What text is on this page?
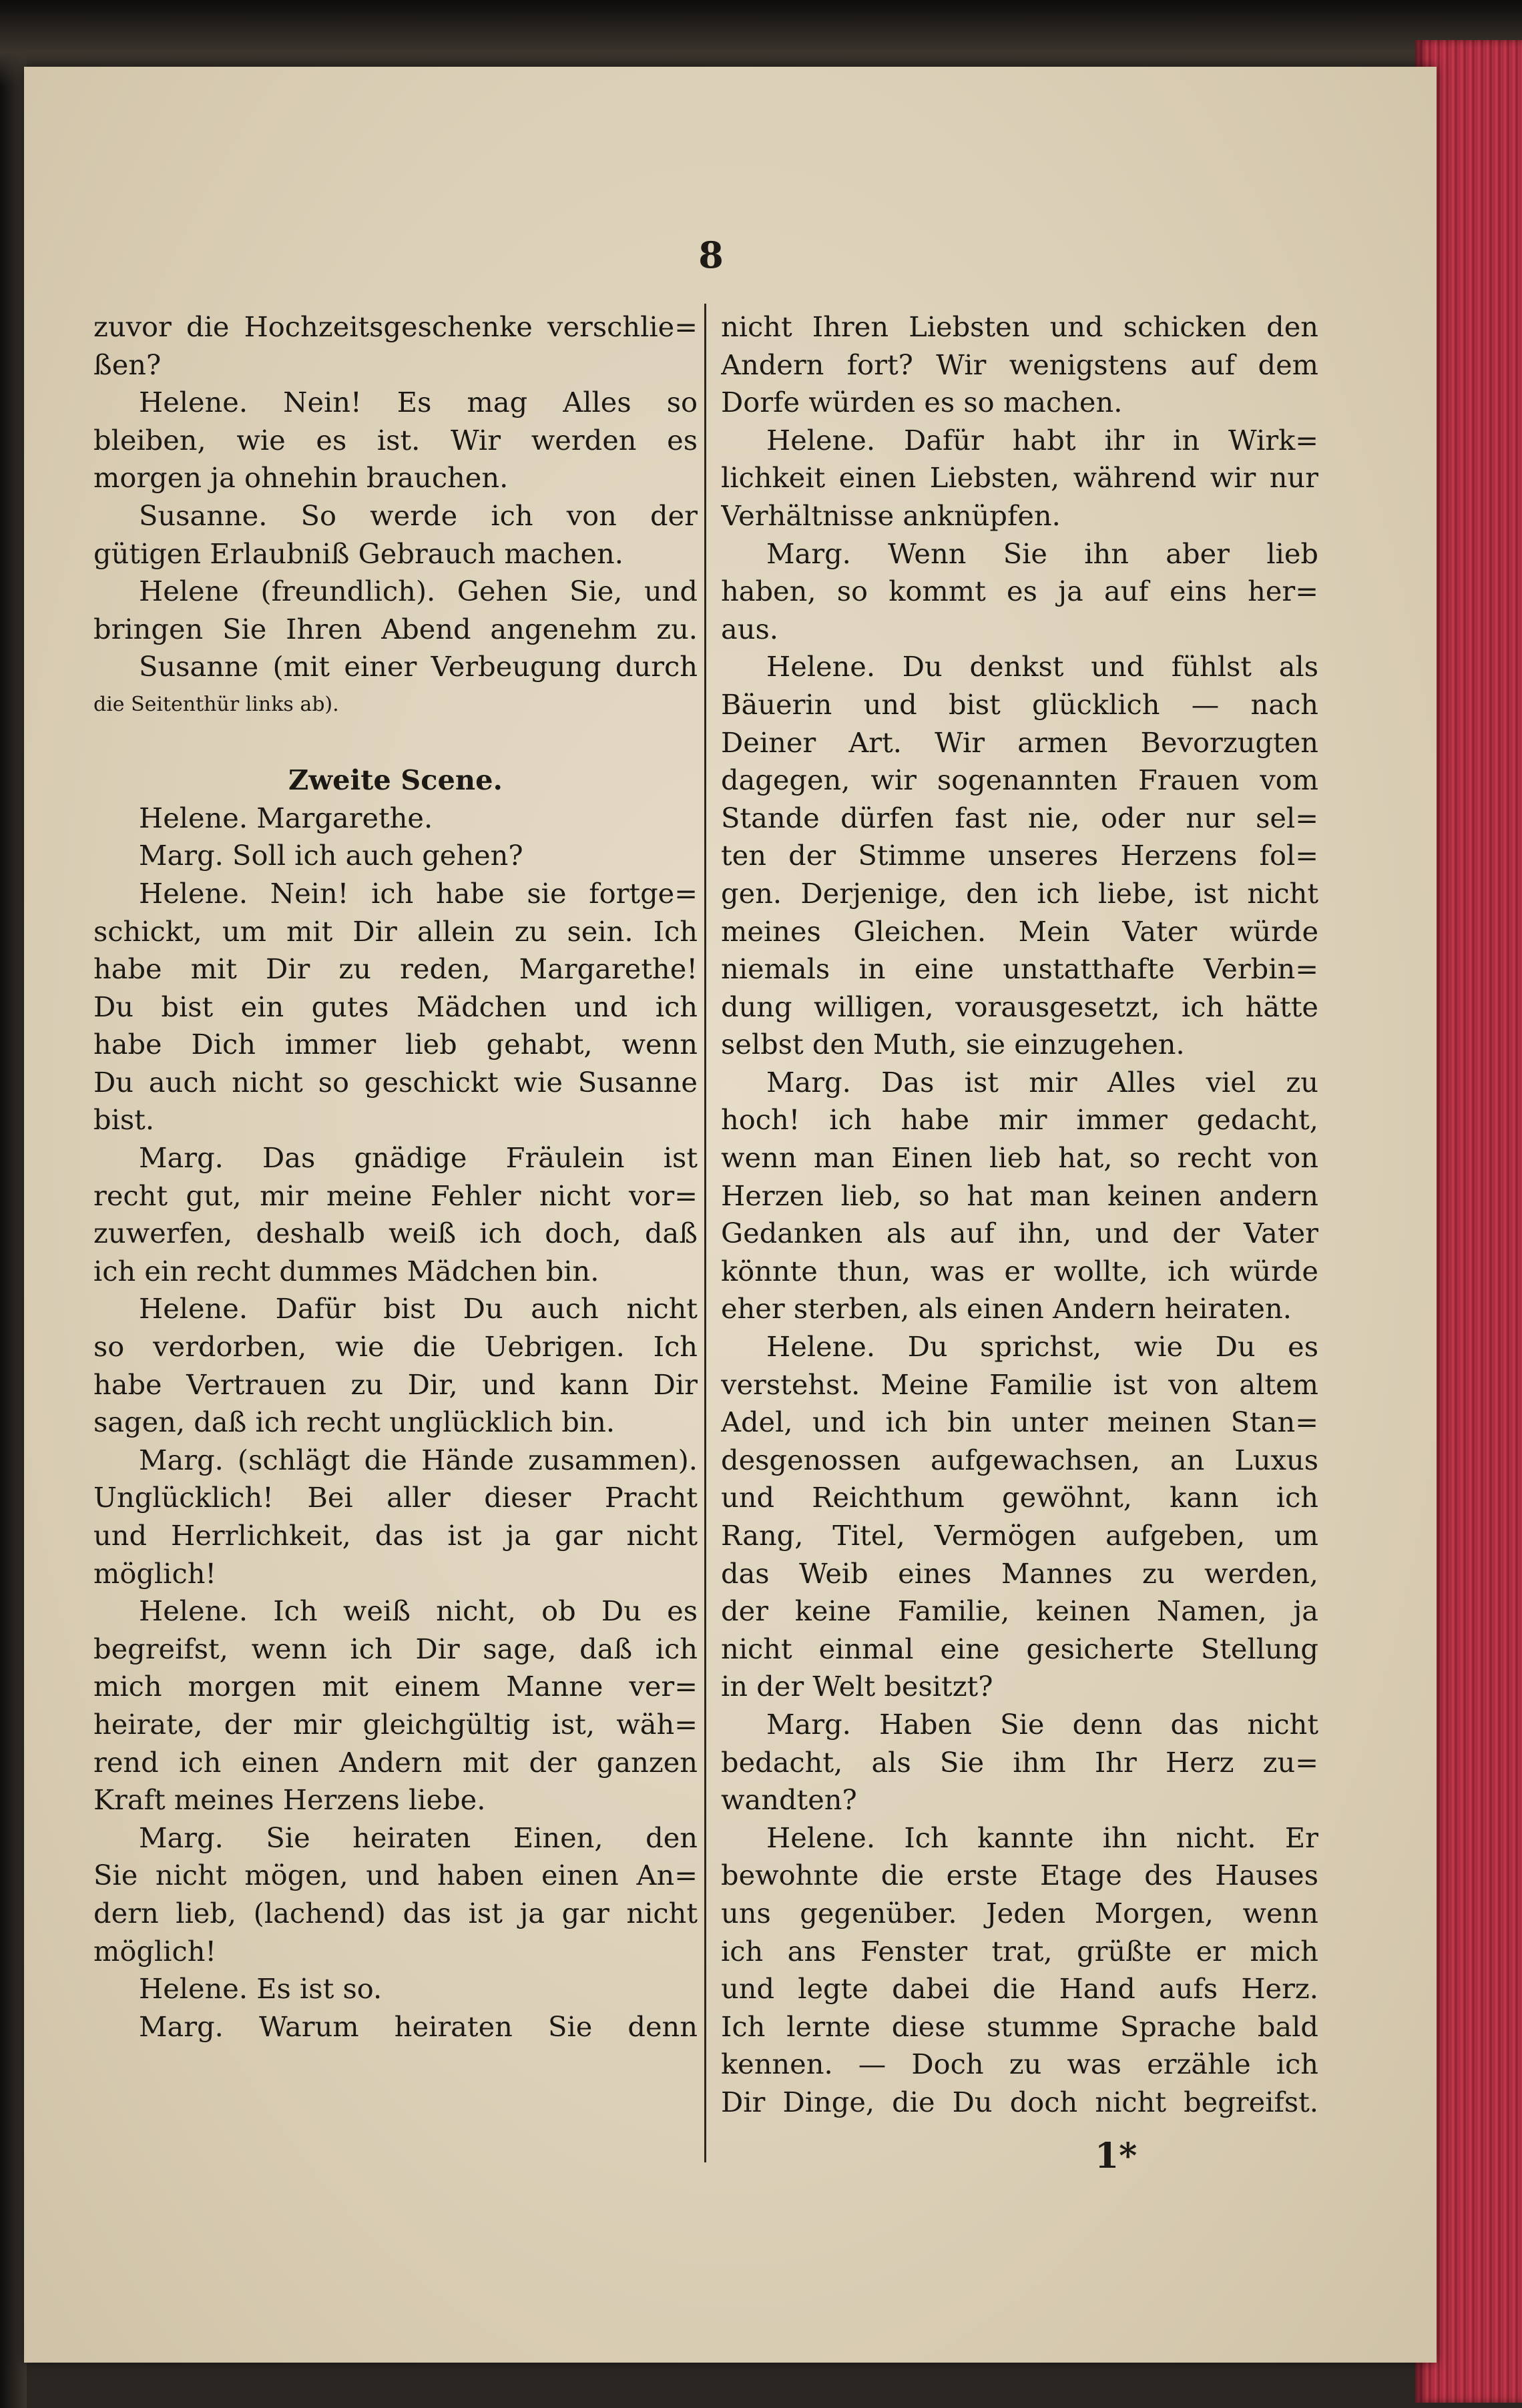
8
zuvor die Hochzeitsgeschenke verschlie=
ßen?
Helene. Nein! Es mag Alles so
bleiben, wie es ist. Wir werden es
morgen ja ohnehin brauchen.
Susanne. So werde ich von der
gütigen Erlaubniß Gebrauch machen.
Helene (freundlich). Gehen Sie, und
bringen Sie Ihren Abend angenehm zu.
Susanne (mit einer Verbeugung durch
die Seitenthür links ab).
Zweite Scene.
Helene. Margarethe.
Marg. Soll ich auch gehen?
Helene. Nein! ich habe sie fortge=
schickt, um mit Dir allein zu sein. Ich
habe mit Dir zu reden, Margarethe!
Du bist ein gutes Mädchen und ich
habe Dich immer lieb gehabt, wenn
Du auch nicht so geschickt wie Susanne
bist.
Marg. Das gnädige Fräulein ist
recht gut, mir meine Fehler nicht vor=
zuwerfen, deshalb weiß ich doch, daß
ich ein recht dummes Mädchen bin.
Helene. Dafür bist Du auch nicht
so verdorben, wie die Uebrigen. Ich
habe Vertrauen zu Dir, und kann Dir
sagen, daß ich recht unglücklich bin.
Marg. (schlägt die Hände zusammen).
Unglücklich! Bei aller dieser Pracht
und Herrlichkeit, das ist ja gar nicht
möglich!
Helene. Ich weiß nicht, ob Du es
begreifst, wenn ich Dir sage, daß ich
mich morgen mit einem Manne ver=
heirate, der mir gleichgültig ist, wäh=
rend ich einen Andern mit der ganzen
Kraft meines Herzens liebe.
Marg. Sie heiraten Einen, den
Sie nicht mögen, und haben einen An=
dern lieb, (lachend) das ist ja gar nicht
möglich!
Helene. Es ist so.
Marg. Warum heiraten Sie denn
nicht Ihren Liebsten und schicken den
Andern fort? Wir wenigstens auf dem
Dorfe würden es so machen.
Helene. Dafür habt ihr in Wirk=
lichkeit einen Liebsten, während wir nur
Verhältnisse anknüpfen.
Marg. Wenn Sie ihn aber lieb
haben, so kommt es ja auf eins her=
aus.
Helene. Du denkst und fühlst als
Bäuerin und bist glücklich — nach
Deiner Art. Wir armen Bevorzugten
dagegen, wir sogenannten Frauen vom
Stande dürfen fast nie, oder nur sel=
ten der Stimme unseres Herzens fol=
gen. Derjenige, den ich liebe, ist nicht
meines Gleichen. Mein Vater würde
niemals in eine unstatthafte Verbin=
dung willigen, vorausgesetzt, ich hätte
selbst den Muth, sie einzugehen.
Marg. Das ist mir Alles viel zu
hoch! ich habe mir immer gedacht,
wenn man Einen lieb hat, so recht von
Herzen lieb, so hat man keinen andern
Gedanken als auf ihn, und der Vater
könnte thun, was er wollte, ich würde
eher sterben, als einen Andern heiraten.
Helene. Du sprichst, wie Du es
verstehst. Meine Familie ist von altem
Adel, und ich bin unter meinen Stan=
desgenossen aufgewachsen, an Luxus
und Reichthum gewöhnt, kann ich
Rang, Titel, Vermögen aufgeben, um
das Weib eines Mannes zu werden,
der keine Familie, keinen Namen, ja
nicht einmal eine gesicherte Stellung
in der Welt besitzt?
Marg. Haben Sie denn das nicht
bedacht, als Sie ihm Ihr Herz zu=
wandten?
Helene. Ich kannte ihn nicht. Er
bewohnte die erste Etage des Hauses
uns gegenüber. Jeden Morgen, wenn
ich ans Fenster trat, grüßte er mich
und legte dabei die Hand aufs Herz.
Ich lernte diese stumme Sprache bald
kennen. — Doch zu was erzähle ich
Dir Dinge, die Du doch nicht begreifst.
1*
